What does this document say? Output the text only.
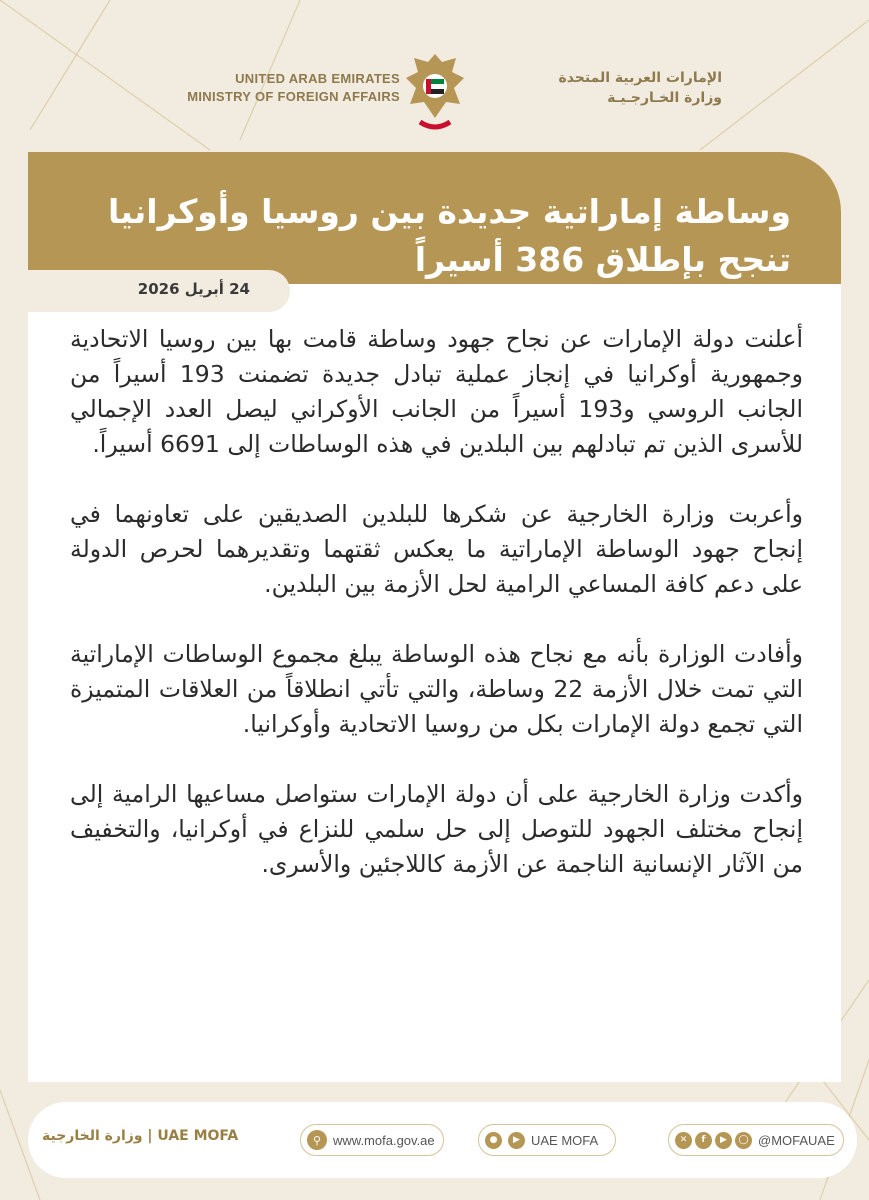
UNITED ARAB EMIRATES
MINISTRY OF FOREIGN AFFAIRS
الإمارات العربية المتحدة
وزارة الخـارجـيـة
وساطة إماراتية جديدة بين روسيا وأوكرانيا تنجح بإطلاق 386 أسيراً
24 أبريل 2026

أعلنت دولة الإمارات عن نجاح جهود وساطة قامت بها بين روسيا الاتحادية وجمهورية أوكرانيا في إنجاز عملية تبادل جديدة تضمنت 193 أسيراً من الجانب الروسي و193 أسيراً من الجانب الأوكراني ليصل العدد الإجمالي للأسرى الذين تم تبادلهم بين البلدين في هذه الوساطات إلى 6691 أسيراً.

وأعربت وزارة الخارجية عن شكرها للبلدين الصديقين على تعاونهما في إنجاح جهود الوساطة الإماراتية ما يعكس ثقتهما وتقديرهما لحرص الدولة على دعم كافة المساعي الرامية لحل الأزمة بين البلدين.

وأفادت الوزارة بأنه مع نجاح هذه الوساطة يبلغ مجموع الوساطات الإماراتية التي تمت خلال الأزمة 22 وساطة، والتي تأتي انطلاقاً من العلاقات المتميزة التي تجمع دولة الإمارات بكل من روسيا الاتحادية وأوكرانيا.

وأكدت وزارة الخارجية على أن دولة الإمارات ستواصل مساعيها الرامية إلى إنجاح مختلف الجهود للتوصل إلى حل سلمي للنزاع في أوكرانيا، والتخفيف من الآثار الإنسانية الناجمة عن الأزمة كاللاجئين والأسرى.

UAE MOFA | وزارة الخارجية	⚲ www.mofa.gov.ae	●	▶ UAE MOFA	✕	f	▶	◯ @MOFAUAE
